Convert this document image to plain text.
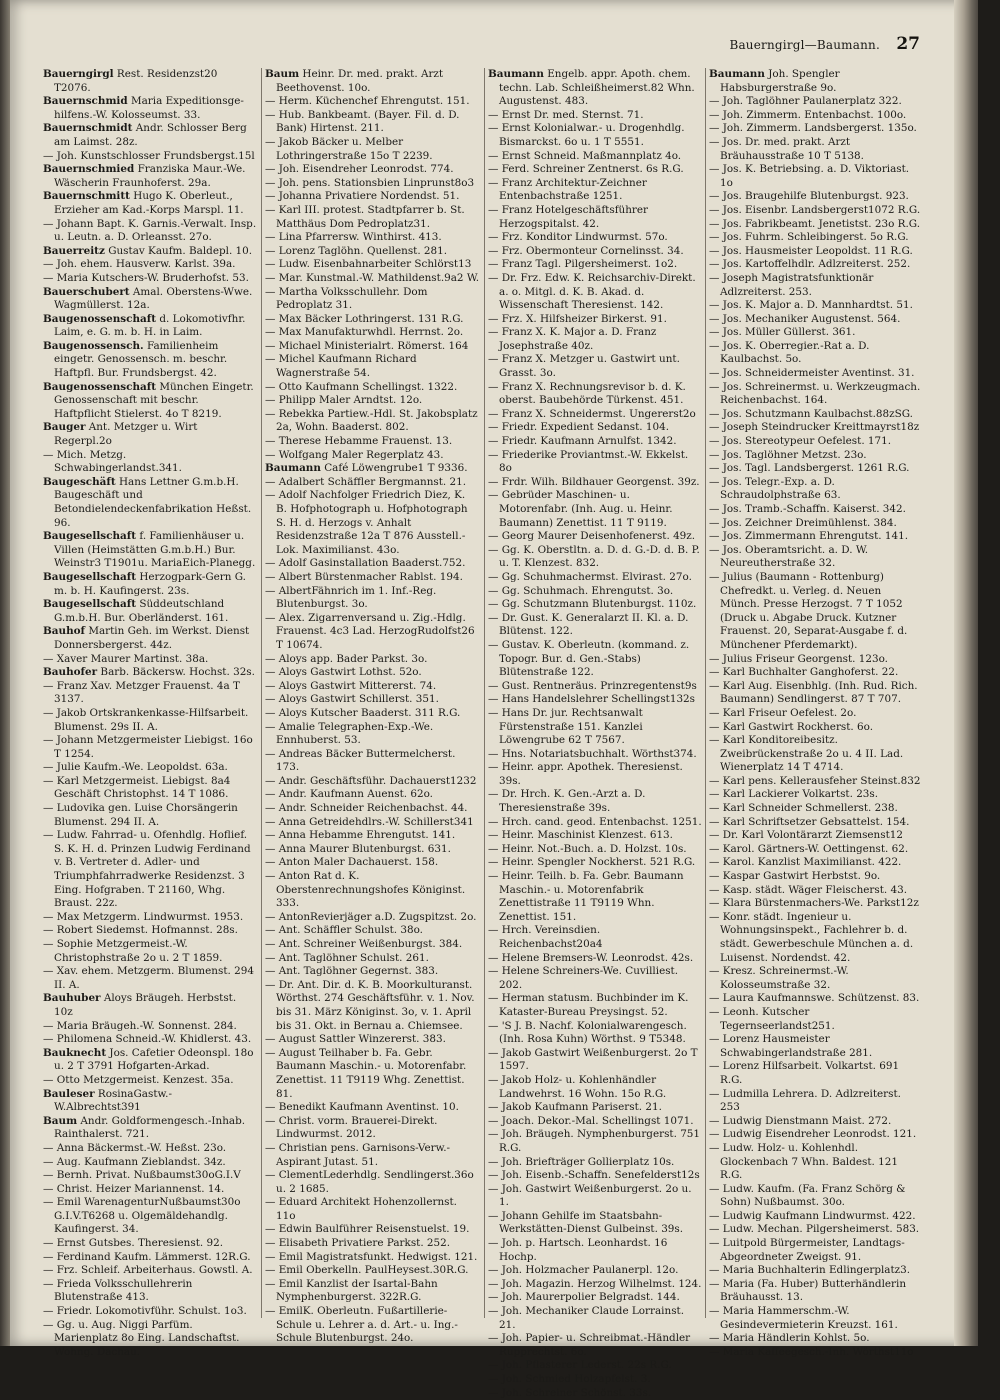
Bauerngirgl—Baumann. 27

Bauerngirgl Rest. Residenzst20 T2076.

Bauernschmid Maria Expeditionsge-hilfens.-W. Kolosseumst. 33.

Bauernschmidt Andr. Schlosser Berg am Laimst. 28z.

— Joh. Kunstschlosser Frundsbergst.15l

Bauernschmied Franziska Maur.-We. Wäscherin Fraunhoferst. 29a.

Bauernschmitt Hugo K. Oberleut., Erzieher am Kad.-Korps Marspl. 11.

— Johann Bapt. K. Garnis.-Verwalt. Insp. u. Leutn. a. D. Orleansst. 27o.

Bauerreitz Gustav Kaufm. Baldepl. 10.

— Joh. ehem. Hausverw. Karlst. 39a.

— Maria Kutschers-W. Bruderhofst. 53.

Bauerschubert Amal. Oberstens-Wwe. Wagmüllerst. 12a.

Baugenossenschaft d. Lokomotivfhr. Laim, e. G. m. b. H. in Laim.

Baugenossensch. Familienheim eingetr. Genossensch. m. beschr. Haftpfl. Bur. Frundsbergst. 42.

Baugenossenschaft München Eingetr. Genossenschaft mit beschr. Haftpflicht Stielerst. 4o T 8219.

Bauger Ant. Metzger u. Wirt Regerpl.2o

— Mich. Metzg. Schwabingerlandst.341.

Baugeschäft Hans Lettner G.m.b.H. Baugeschäft und Betondielendeckenfabrikation Heßst. 96.

Baugesellschaft f. Familienhäuser u. Villen (Heimstätten G.m.b.H.) Bur. Weinstr3 T1901u. MariaEich-Planegg.

Baugesellschaft Herzogpark-Gern G. m. b. H. Kaufingerst. 23s.

Baugesellschaft Süddeutschland G.m.b.H. Bur. Oberländerst. 161.

Bauhof Martin Geh. im Werkst. Dienst Donnersbergerst. 44z.

— Xaver Maurer Martinst. 38a.

Bauhofer Barb. Bäckersw. Hochst. 32s.

— Franz Xav. Metzger Frauenst. 4a T 3137.

— Jakob Ortskrankenkasse-Hilfsarbeit. Blumenst. 29s II. A.

— Johann Metzgermeister Liebigst. 16o T 1254.

— Julie Kaufm.-We. Leopoldst. 63a.

— Karl Metzgermeist. Liebigst. 8a4 Geschäft Christophst. 14 T 1086.

— Ludovika gen. Luise Chorsängerin Blumenst. 294 II. A.

— Ludw. Fahrrad- u. Ofenhdlg. Hoflief. S. K. H. d. Prinzen Ludwig Ferdinand v. B. Vertreter d. Adler- und Triumphfahrradwerke Residenzst. 3 Eing. Hofgraben. T 21160, Whg. Braust. 22z.

— Max Metzgerm. Lindwurmst. 1953.

— Robert Siedemst. Hofmannst. 28s.

— Sophie Metzgermeist.-W. Christophstraße 2o u. 2 T 1859.

— Xav. ehem. Metzgerm. Blumenst. 294 II. A.

Bauhuber Aloys Bräugeh. Herbstst. 10z

— Maria Bräugeh.-W. Sonnenst. 284.

— Philomena Schneid.-W. Khidlerst. 43.

Bauknecht Jos. Cafetier Odeonspl. 18o u. 2 T 3791 Hofgarten-Arkad.

— Otto Metzgermeist. Kenzest. 35a.

Bauleser RosinaGastw.-W.Albrechtst391

Baum Andr. Goldformengesch.-Inhab. Rainthalerst. 721.

— Anna Bäckermst.-W. Heßst. 23o.

— Aug. Kaufmann Zieblandst. 34z.

— Bernh. Privat. Nußbaumst30oG.I.V

— Christ. Heizer Mariannenst. 14.

— Emil WarenagenturNußbaumst30o G.I.V.T6268 u. Olgemäldehandlg. Kaufingerst. 34.

— Ernst Gutsbes. Theresienst. 92.

— Ferdinand Kaufm. Lämmerst. 12R.G.

— Frz. Schleif. Arbeiterhaus. Gowstl. A.

— Frieda Volksschullehrerin Blutenstraße 413.

— Friedr. Lokomotivführ. Schulst. 1o3.

— Gg. u. Aug. Niggi Parfüm. Marienplatz 8o Eing. Landschaftst. Wohng. Dachau.

Baum Heinr. Dr. med. prakt. Arzt Beethovenst. 10o.

— Herm. Küchenchef Ehrengutst. 151.

— Hub. Bankbeamt. (Bayer. Fil. d. D. Bank) Hirtenst. 211.

— Jakob Bäcker u. Melber Lothringerstraße 15o T 2239.

— Joh. Eisendreher Leonrodst. 774.

— Joh. pens. Stationsbien Linprunst8o3

— Johanna Privatiere Nordendst. 51.

— Karl III. protest. Stadtpfarrer b. St. Matthäus Dom Pedroplatz31.

— Lina Pfarrersw. Winthirst. 413.

— Lorenz Taglöhn. Quellenst. 281.

— Ludw. Eisenbahnarbeiter Schlörst13

— Mar. Kunstmal.-W. Mathildenst.9a2 W.

— Martha Volksschullehr. Dom Pedroplatz 31.

— Max Bäcker Lothringerst. 131 R.G.

— Max Manufakturwhdl. Herrnst. 2o.

— Michael Ministerialrt. Römerst. 164

— Michel Kaufmann Richard Wagnerstraße 54.

— Otto Kaufmann Schellingst. 1322.

— Philipp Maler Arndtst. 12o.

— Rebekka Partiew.-Hdl. St. Jakobsplatz 2a, Wohn. Baaderst. 802.

— Therese Hebamme Frauenst. 13.

— Wolfgang Maler Regerplatz 43.

Baumann Café Löwengrube1 T 9336.

— Adalbert Schäffler Bergmannst. 21.

— Adolf Nachfolger Friedrich Diez, K. B. Hofphotograph u. Hofphotograph S. H. d. Herzogs v. Anhalt Residenzstraße 12a T 876 Ausstell.-Lok. Maximilianst. 43o.

— Adolf Gasinstallation Baaderst.752.

— Albert Bürstenmacher Rablst. 194.

— AlbertFähnrich im 1. Inf.-Reg. Blutenburgst. 3o.

— Alex. Zigarrenversand u. Zig.-Hdlg. Frauenst. 4c3 Lad. HerzogRudolfst26 T 10674.

— Aloys app. Bader Parkst. 3o.

— Aloys Gastwirt Lothst. 52o.

— Aloys Gastwirt Mittererst. 74.

— Aloys Gastwirt Schillerst. 351.

— Aloys Kutscher Baaderst. 311 R.G.

— Amalie Telegraphen-Exp.-We. Ennhuberst. 53.

— Andreas Bäcker Buttermelcherst. 173.

— Andr. Geschäftsführ. Dachauerst1232

— Andr. Kaufmann Auenst. 62o.

— Andr. Schneider Reichenbachst. 44.

— Anna Getreidehdlrs.-W. Schillerst341

— Anna Hebamme Ehrengutst. 141.

— Anna Maurer Blutenburgst. 631.

— Anton Maler Dachauerst. 158.

— Anton Rat d. K. Oberstenrechnungshofes Königinst. 333.

— AntonRevierjäger a.D. Zugspitzst. 2o.

— Ant. Schäffler Schulst. 38o.

— Ant. Schreiner Weißenburgst. 384.

— Ant. Taglöhner Schulst. 261.

— Ant. Taglöhner Gegernst. 383.

— Dr. Ant. Dir. d. K. B. Moorkulturanst. Wörthst. 274 Geschäftsführ. v. 1. Nov. bis 31. März Königinst. 3o, v. 1. April bis 31. Okt. in Bernau a. Chiemsee.

— August Sattler Winzererst. 383.

— August Teilhaber b. Fa. Gebr. Baumann Maschin.- u. Motorenfabr. Zenettist. 11 T9119 Whg. Zenettist. 81.

— Benedikt Kaufmann Aventinst. 10.

— Christ. vorm. Brauerei-Direkt. Lindwurmst. 2012.

— Christian pens. Garnisons-Verw.-Aspirant Jutast. 51.

— ClementLederhdlg. Sendlingerst.36o u. 2 1685.

— Eduard Architekt Hohenzollernst. 11o

— Edwin Baulführer Reisenstuelst. 19.

— Elisabeth Privatiere Parkst. 252.

— Emil Magistratsfunkt. Hedwigst. 121.

— Emil Oberkelln. PaulHeysest.30R.G.

— Emil Kanzlist der Isartal-Bahn Nymphenburgerst. 322R.G.

— EmilK. Oberleutn. Fußartillerie-Schule u. Lehrer a. d. Art.- u. Ing.-Schule Blutenburgst. 24o.

Baumann Engelb. appr. Apoth. chem. techn. Lab. Schleißheimerst.82 Whn. Augustenst. 483.

— Ernst Dr. med. Sternst. 71.

— Ernst Kolonialwar.- u. Drogenhdlg. Bismarckst. 6o u. 1 T 5551.

— Ernst Schneid. Maßmannplatz 4o.

— Ferd. Schreiner Zentnerst. 6s R.G.

— Franz Architektur-Zeichner Entenbachstraße 1251.

— Franz Hotelgeschäftsführer Herzogspitalst. 42.

— Frz. Konditor Lindwurmst. 57o.

— Frz. Obermonteur Cornelinsst. 34.

— Franz Tagl. Pilgersheimerst. 1o2.

— Dr. Frz. Edw. K. Reichsarchiv-Direkt. a. o. Mitgl. d. K. B. Akad. d. Wissenschaft Theresienst. 142.

— Frz. X. Hilfsheizer Birkerst. 91.

— Franz X. K. Major a. D. Franz Josephstraße 40z.

— Franz X. Metzger u. Gastwirt unt. Grasst. 3o.

— Franz X. Rechnungsrevisor b. d. K. oberst. Baubehörde Türkenst. 451.

— Franz X. Schneidermst. Ungererst2o

— Friedr. Expedient Sedanst. 104.

— Friedr. Kaufmann Arnulfst. 1342.

— Friederike Proviantmst.-W. Ekkelst. 8o

— Frdr. Wilh. Bildhauer Georgenst. 39z.

— Gebrüder Maschinen- u. Motorenfabr. (Inh. Aug. u. Heinr. Baumann) Zenettist. 11 T 9119.

— Georg Maurer Deisenhofenerst. 49z.

— Gg. K. Oberstltn. a. D. d. G.-D. d. B. P. u. T. Klenzest. 832.

— Gg. Schuhmachermst. Elvirast. 27o.

— Gg. Schuhmach. Ehrengutst. 3o.

— Gg. Schutzmann Blutenburgst. 110z.

— Dr. Gust. K. Generalarzt II. Kl. a. D. Blütenst. 122.

— Gustav. K. Oberleutn. (kommand. z. Topogr. Bur. d. Gen.-Stabs) Blütenstraße 122.

— Gust. Rentneräus. Prinzregentenst9s

— Hans Handelslehrer Schellingst132s

— Hans Dr. jur. Rechtsanwalt Fürstenstraße 151. Kanzlei Löwengrube 62 T 7567.

— Hns. Notariatsbuchhalt. Wörthst374.

— Heinr. appr. Apothek. Theresienst. 39s.

— Dr. Hrch. K. Gen.-Arzt a. D. Theresienstraße 39s.

— Hrch. cand. geod. Entenbachst. 1251.

— Heinr. Maschinist Klenzest. 613.

— Heinr. Not.-Buch. a. D. Holzst. 10s.

— Heinr. Spengler Nockherst. 521 R.G.

— Heinr. Teilh. b. Fa. Gebr. Baumann Maschin.- u. Motorenfabrik Zenettistraße 11 T9119 Whn. Zenettist. 151.

— Hrch. Vereinsdien. Reichenbachst20a4

— Helene Bremsers-W. Leonrodst. 42s.

— Helene Schreiners-We. Cuvilliest. 202.

— Herman statusm. Buchbinder im K. Kataster-Bureau Preysingst. 52.

— 'S J. B. Nachf. Kolonialwarengesch. (Inh. Rosa Kuhn) Wörthst. 9 T5348.

— Jakob Gastwirt Weißenburgerst. 2o T 1597.

— Jakob Holz- u. Kohlenhändler Landwehrst. 16 Wohn. 15o R.G.

— Jakob Kaufmann Pariserst. 21.

— Joach. Dekor.-Mal. Schellingst 1071.

— Joh. Bräugeh. Nymphenburgerst. 751 R.G.

— Joh. Briefträger Gollierplatz 10s.

— Joh. Eisenb.-Schaffn. Senefelderst12s

— Joh. Gastwirt Weißenburgerst. 2o u. 1.

— Johann Gehilfe im Staatsbahn-Werkstätten-Dienst Gulbeinst. 39s.

— Joh. p. Hartsch. Leonhardst. 16 Hochp.

— Joh. Holzmacher Paulanerpl. 12o.

— Joh. Magazin. Herzog Wilhelmst. 124.

— Joh. Maurerpolier Belgradst. 144.

— Joh. Mechaniker Claude Lorrainst. 21.

— Joh. Papier- u. Schreibmat.-Händler Rupprechtst. 6o.

— Joh. Pflasterer Lederst. 22s R.G.

— Joh. Schmied Holzapfelst. 3.

— Joh. Schreiner Schönst. 33s.

Baumann Joh. Spengler Habsburgerstraße 9o.

— Joh. Taglöhner Paulanerplatz 322.

— Joh. Zimmerm. Entenbachst. 100o.

— Joh. Zimmerm. Landsbergerst. 135o.

— Jos. Dr. med. prakt. Arzt Bräuhausstraße 10 T 5138.

— Jos. K. Betriebsing. a. D. Viktoriast. 1o

— Jos. Braugehilfe Blutenburgst. 923.

— Jos. Eisenbr. Landsbergerst1072 R.G.

— Jos. Fabrikbeamt. Jenetistst. 23o R.G.

— Jos. Fuhrm. Schleibingerst. 5o R.G.

— Jos. Hausmeister Leopoldst. 11 R.G.

— Jos. Kartoffelhdlr. Adlzreiterst. 252.

— Joseph Magistratsfunktionär Adlzreiterst. 253.

— Jos. K. Major a. D. Mannhardtst. 51.

— Jos. Mechaniker Augustenst. 564.

— Jos. Müller Güllerst. 361.

— Jos. K. Oberregier.-Rat a. D. Kaulbachst. 5o.

— Jos. Schneidermeister Aventinst. 31.

— Jos. Schreinermst. u. Werkzeugmach. Reichenbachst. 164.

— Jos. Schutzmann Kaulbachst.88zSG.

— Joseph Steindrucker Kreittmayrst18z

— Jos. Stereotypeur Oefelest. 171.

— Jos. Taglöhner Metzst. 23o.

— Jos. Tagl. Landsbergerst. 1261 R.G.

— Jos. Telegr.-Exp. a. D. Schraudolphstraße 63.

— Jos. Tramb.-Schaffn. Kaiserst. 342.

— Jos. Zeichner Dreimühlenst. 384.

— Jos. Zimmermann Ehrengutst. 141.

— Jos. Oberamtsricht. a. D. W. Neureutherstraße 32.

— Julius (Baumann - Rottenburg) Chefredkt. u. Verleg. d. Neuen Münch. Presse Herzogst. 7 T 1052 (Druck u. Abgabe Druck. Kutzner Frauenst. 20, Separat-Ausgabe f. d. Münchener Pferdemarkt).

— Julius Friseur Georgenst. 123o.

— Karl Buchhalter Ganghoferst. 22.

— Karl Aug. Eisenbhlg. (Inh. Rud. Rich. Baumann) Sendlingerst. 87 T 707.

— Karl Friseur Oefelest. 2o.

— Karl Gastwirt Rockherst. 6o.

— Karl Konditoreibesitz. Zweibrückenstraße 2o u. 4 II. Lad. Wienerplatz 14 T 4714.

— Karl pens. Kellerausfeher Steinst.832

— Karl Lackierer Volkartst. 23s.

— Karl Schneider Schmellerst. 238.

— Karl Schriftsetzer Gebsattelst. 154.

— Dr. Karl Volontärarzt Ziemsenst12

— Karol. Gärtners-W. Oettingenst. 62.

— Karol. Kanzlist Maximilianst. 422.

— Kaspar Gastwirt Herbstst. 9o.

— Kasp. städt. Wäger Fleischerst. 43.

— Klara Bürstenmachers-We. Parkst12z

— Konr. städt. Ingenieur u. Wohnungsinspekt., Fachlehrer b. d. städt. Gewerbeschule München a. d. Luisenst. Nordendst. 42.

— Kresz. Schreinermst.-W. Kolosseumstraße 32.

— Laura Kaufmannswe. Schützenst. 83.

— Leonh. Kutscher Tegernseerlandst251.

— Lorenz Hausmeister Schwabingerlandstraße 281.

— Lorenz Hilfsarbeit. Volkartst. 691 R.G.

— Ludmilla Lehrera. D. Adlzreiterst. 253

— Ludwig Dienstmann Maist. 272.

— Ludwig Eisendreher Leonrodst. 121.

— Ludw. Holz- u. Kohlenhdl. Glockenbach 7 Whn. Baldest. 121 R.G.

— Ludw. Kaufm. (Fa. Franz Schörg & Sohn) Nußbaumst. 30o.

— Ludwig Kaufmann Lindwurmst. 422.

— Ludw. Mechan. Pilgersheimerst. 583.

— Luitpold Bürgermeister, Landtags-Abgeordneter Zweigst. 91.

— Maria Buchhalterin Edlingerplatz3.

— Maria (Fa. Huber) Butterhändlerin Bräuhausst. 13.

— Maria Hammerschm.-W. Gesindevermieterin Kreuzst. 161.

— Maria Händlerin Kohlst. 5o.

— Maria Kaffeegesch.-Inh. Wörthst11o
